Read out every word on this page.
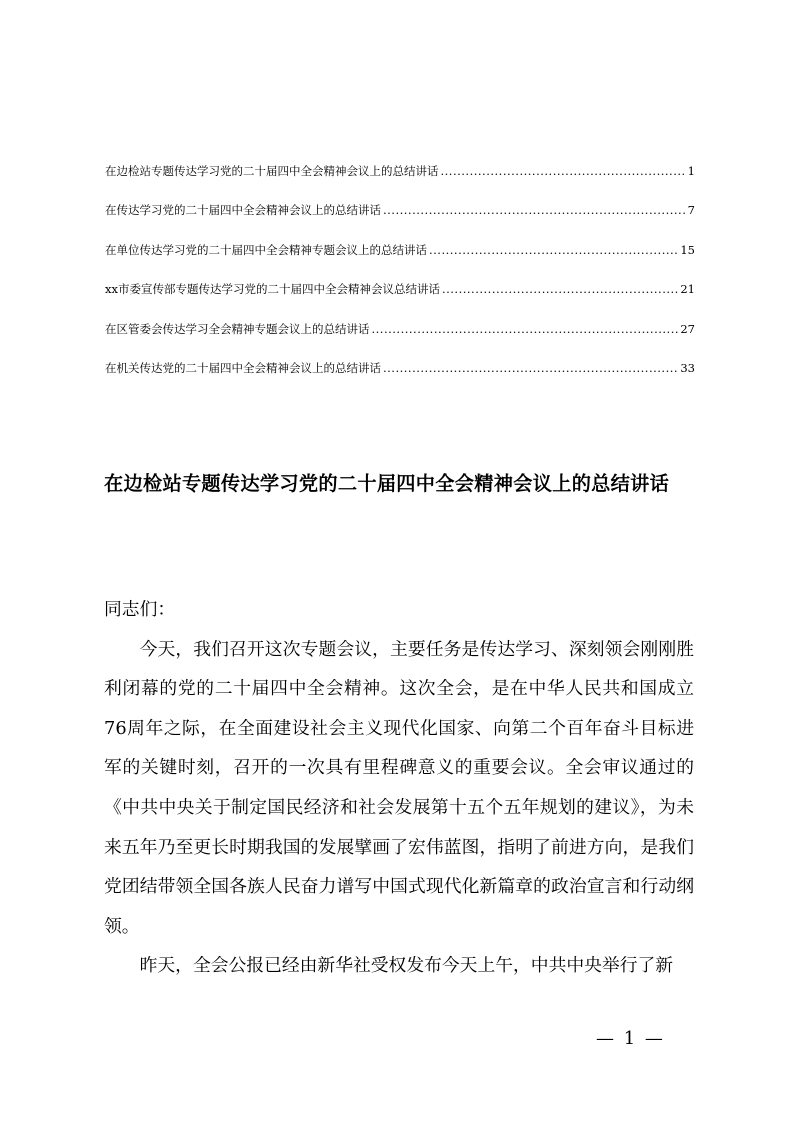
在边检站专题传达学习党的二十届四中全会精神会议上的总结讲话 .....	1
在传达学习党的二十届四中全会精神会议上的总结讲话 .....	7
在单位传达学习党的二十届四中全会精神专题会议上的总结讲话 .....	15
xx市委宣传部专题传达学习党的二十届四中全会精神会议总结讲话 .....	21
在区管委会传达学习全会精神专题会议上的总结讲话 .....	27
在机关传达党的二十届四中全会精神会议上的总结讲话 .....	33
在边检站专题传达学习党的二十届四中全会精神会议上的总结讲话

同志们：

今天，我们召开这次专题会议，主要任务是传达学习、深刻领会刚刚胜利闭幕的党的二十届四中全会精神。这次全会，是在中华人民共和国成立76周年之际，在全面建设社会主义现代化国家、向第二个百年奋斗目标进军的关键时刻，召开的一次具有里程碑意义的重要会议。全会审议通过的《中共中央关于制定国民经济和社会发展第十五个五年规划的建议》，为未来五年乃至更长时期我国的发展擘画了宏伟蓝图，指明了前进方向，是我们党团结带领全国各族人民奋力谱写中国式现代化新篇章的政治宣言和行动纲领。

昨天，全会公报已经由新华社受权发布今天上午，中共中央举行了新

— 1 —
